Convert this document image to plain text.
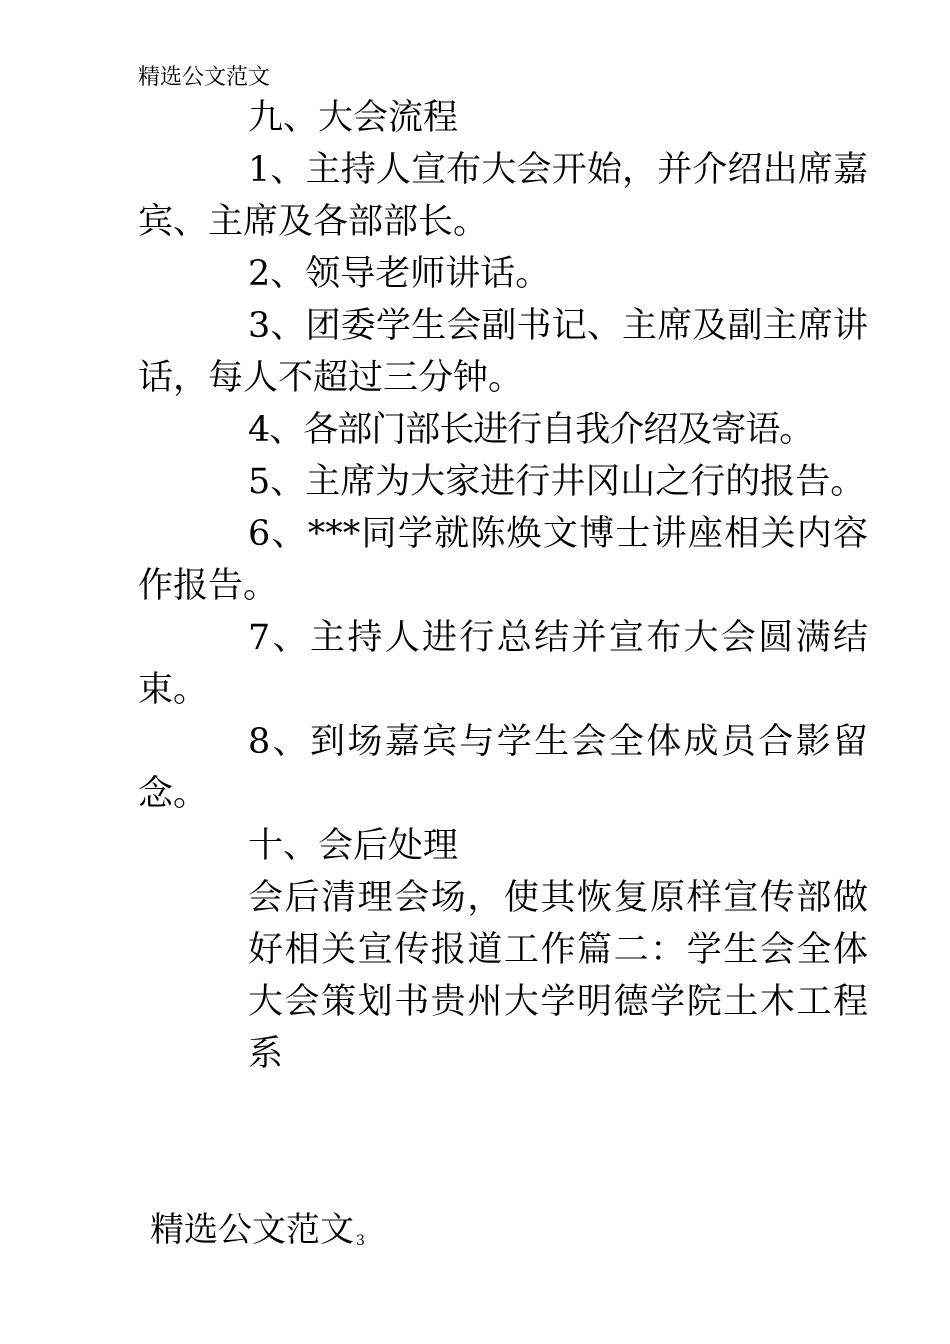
精选公文范文

九、大会流程

1、主持人宣布大会开始，并介绍出席嘉宾、主席及各部部长。

2、领导老师讲话。

3、团委学生会副书记、主席及副主席讲话，每人不超过三分钟。

4、各部门部长进行自我介绍及寄语。

5、主席为大家进行井冈山之行的报告。

6、***同学就陈焕文博士讲座相关内容作报告。

7、主持人进行总结并宣布大会圆满结束。

8、到场嘉宾与学生会全体成员合影留念。

十、会后处理

会后清理会场，使其恢复原样宣传部做好相关宣传报道工作篇二：学生会全体大会策划书贵州大学明德学院土木工程系

精选公文范文 3
